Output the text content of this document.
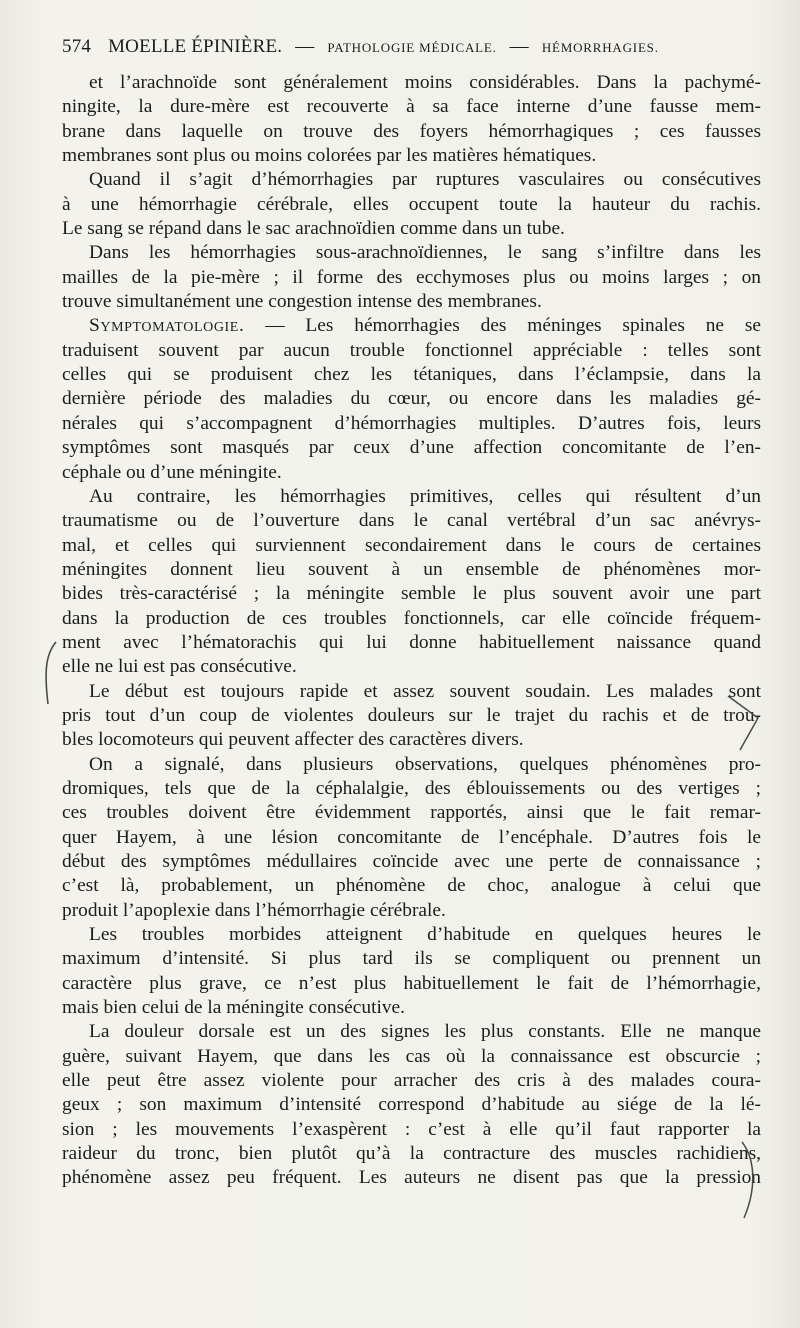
574 MOELLE ÉPINIÈRE. — PATHOLOGIE MÉDICALE. — HÉMORRHAGIES.
et l’arachnoïde sont généralement moins considérables. Dans la pachymé-
ningite, la dure-mère est recouverte à sa face interne d’une fausse mem-
brane dans laquelle on trouve des foyers hémorrhagiques ; ces fausses
membranes sont plus ou moins colorées par les matières hématiques.
Quand il s’agit d’hémorrhagies par ruptures vasculaires ou consécutives
à une hémorrhagie cérébrale, elles occupent toute la hauteur du rachis.
Le sang se répand dans le sac arachnoïdien comme dans un tube.
Dans les hémorrhagies sous-arachnoïdiennes, le sang s’infiltre dans les
mailles de la pie-mère ; il forme des ecchymoses plus ou moins larges ; on
trouve simultanément une congestion intense des membranes.
Symptomatologie. — Les hémorrhagies des méninges spinales ne se
traduisent souvent par aucun trouble fonctionnel appréciable : telles sont
celles qui se produisent chez les tétaniques, dans l’éclampsie, dans la
dernière période des maladies du cœur, ou encore dans les maladies gé-
nérales qui s’accompagnent d’hémorrhagies multiples. D’autres fois, leurs
symptômes sont masqués par ceux d’une affection concomitante de l’en-
céphale ou d’une méningite.
Au contraire, les hémorrhagies primitives, celles qui résultent d’un
traumatisme ou de l’ouverture dans le canal vertébral d’un sac anévrys-
mal, et celles qui surviennent secondairement dans le cours de certaines
méningites donnent lieu souvent à un ensemble de phénomènes mor-
bides très-caractérisé ; la méningite semble le plus souvent avoir une part
dans la production de ces troubles fonctionnels, car elle coïncide fréquem-
ment avec l’hématorachis qui lui donne habituellement naissance quand
elle ne lui est pas consécutive.
Le début est toujours rapide et assez souvent soudain. Les malades sont
pris tout d’un coup de violentes douleurs sur le trajet du rachis et de trou-
bles locomoteurs qui peuvent affecter des caractères divers.
On a signalé, dans plusieurs observations, quelques phénomènes pro-
dromiques, tels que de la céphalalgie, des éblouissements ou des vertiges ;
ces troubles doivent être évidemment rapportés, ainsi que le fait remar-
quer Hayem, à une lésion concomitante de l’encéphale. D’autres fois le
début des symptômes médullaires coïncide avec une perte de connaissance ;
c’est là, probablement, un phénomène de choc, analogue à celui que
produit l’apoplexie dans l’hémorrhagie cérébrale.
Les troubles morbides atteignent d’habitude en quelques heures le
maximum d’intensité. Si plus tard ils se compliquent ou prennent un
caractère plus grave, ce n’est plus habituellement le fait de l’hémorrhagie,
mais bien celui de la méningite consécutive.
La douleur dorsale est un des signes les plus constants. Elle ne manque
guère, suivant Hayem, que dans les cas où la connaissance est obscurcie ;
elle peut être assez violente pour arracher des cris à des malades coura-
geux ; son maximum d’intensité correspond d’habitude au siége de la lé-
sion ; les mouvements l’exaspèrent : c’est à elle qu’il faut rapporter la
raideur du tronc, bien plutôt qu’à la contracture des muscles rachidiens,
phénomène assez peu fréquent. Les auteurs ne disent pas que la pression
